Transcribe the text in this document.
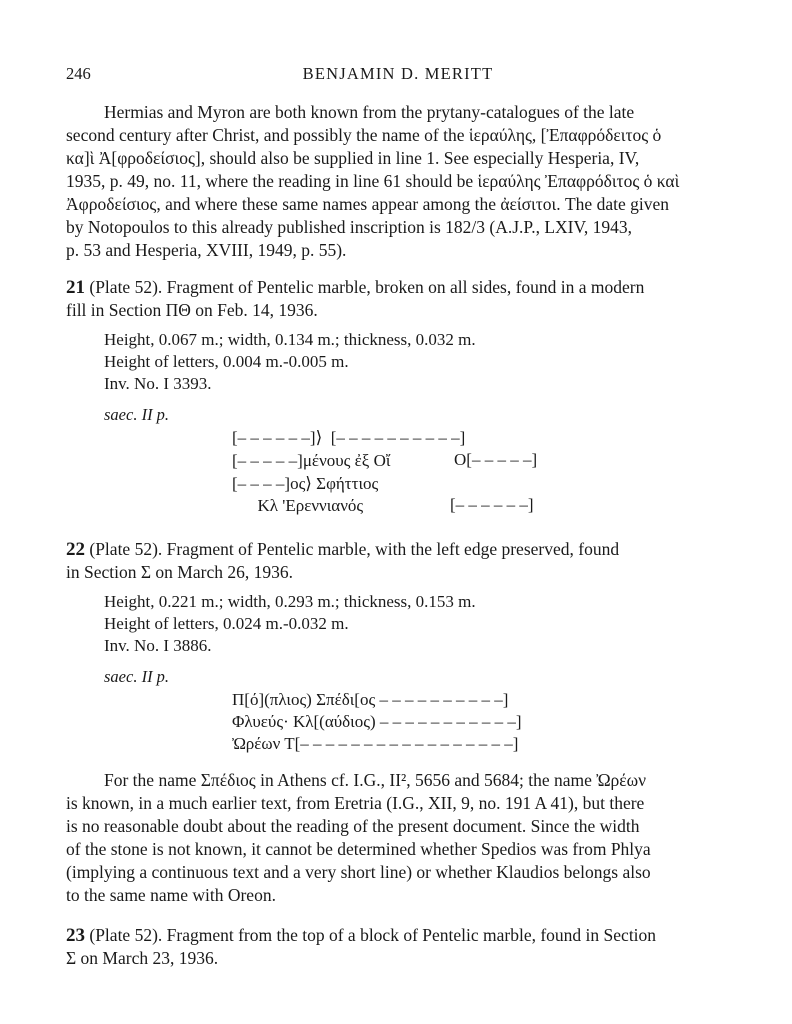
246	BENJAMIN D. MERITT
Hermias and Myron are both known from the prytany-catalogues of the late
second century after Christ, and possibly the name of the ἱεραύλης, [Ἐπαφρόδειτος ὁ
κα]ὶ Ἀ[φροδείσιος], should also be supplied in line 1. See especially Hesperia, IV,
1935, p. 49, no. 11, where the reading in line 61 should be ἱεραύλης Ἐπαφρόδιτος ὁ καὶ
Ἀφροδείσιος, and where these same names appear among the ἀείσιτοι. The date given
by Notopoulos to this already published inscription is 182/3 (A.J.P., LXIV, 1943,
p. 53 and Hesperia, XVIII, 1949, p. 55).
21 (Plate 52). Fragment of Pentelic marble, broken on all sides, found in a modern
fill in Section ΠΘ on Feb. 14, 1936.
Height, 0.067 m.; width, 0.134 m.; thickness, 0.032 m.
Height of letters, 0.004 m.-0.005 m.
Inv. No. I 3393.
saec. II p.
[– – – – – –]⟩  [– – – – – – – – – –]
[– – – – –]μένους ἐξ Οἴ	Ο[– – – – –]
[– – – –]ος⟩ Σφήττιος
Κλ 'Ερεννιανός	[– – – – – –]
22 (Plate 52). Fragment of Pentelic marble, with the left edge preserved, found
in Section Σ on March 26, 1936.
Height, 0.221 m.; width, 0.293 m.; thickness, 0.153 m.
Height of letters, 0.024 m.-0.032 m.
Inv. No. I 3886.
saec. II p.
Π[ό](πλιος) Σπέδι[ος – – – – – – – – – –]
Φλυεύς· Κλ[(αύδιος) – – – – – – – – – – –]
Ὠρέων Τ[– – – – – – – – – – – – – – – – –]
For the name Σπέδιος in Athens cf. I.G., II², 5656 and 5684; the name Ὠρέων
is known, in a much earlier text, from Eretria (I.G., XII, 9, no. 191 A 41), but there
is no reasonable doubt about the reading of the present document. Since the width
of the stone is not known, it cannot be determined whether Spedios was from Phlya
(implying a continuous text and a very short line) or whether Klaudios belongs also
to the same name with Oreon.
23 (Plate 52). Fragment from the top of a block of Pentelic marble, found in Section
Σ on March 23, 1936.
